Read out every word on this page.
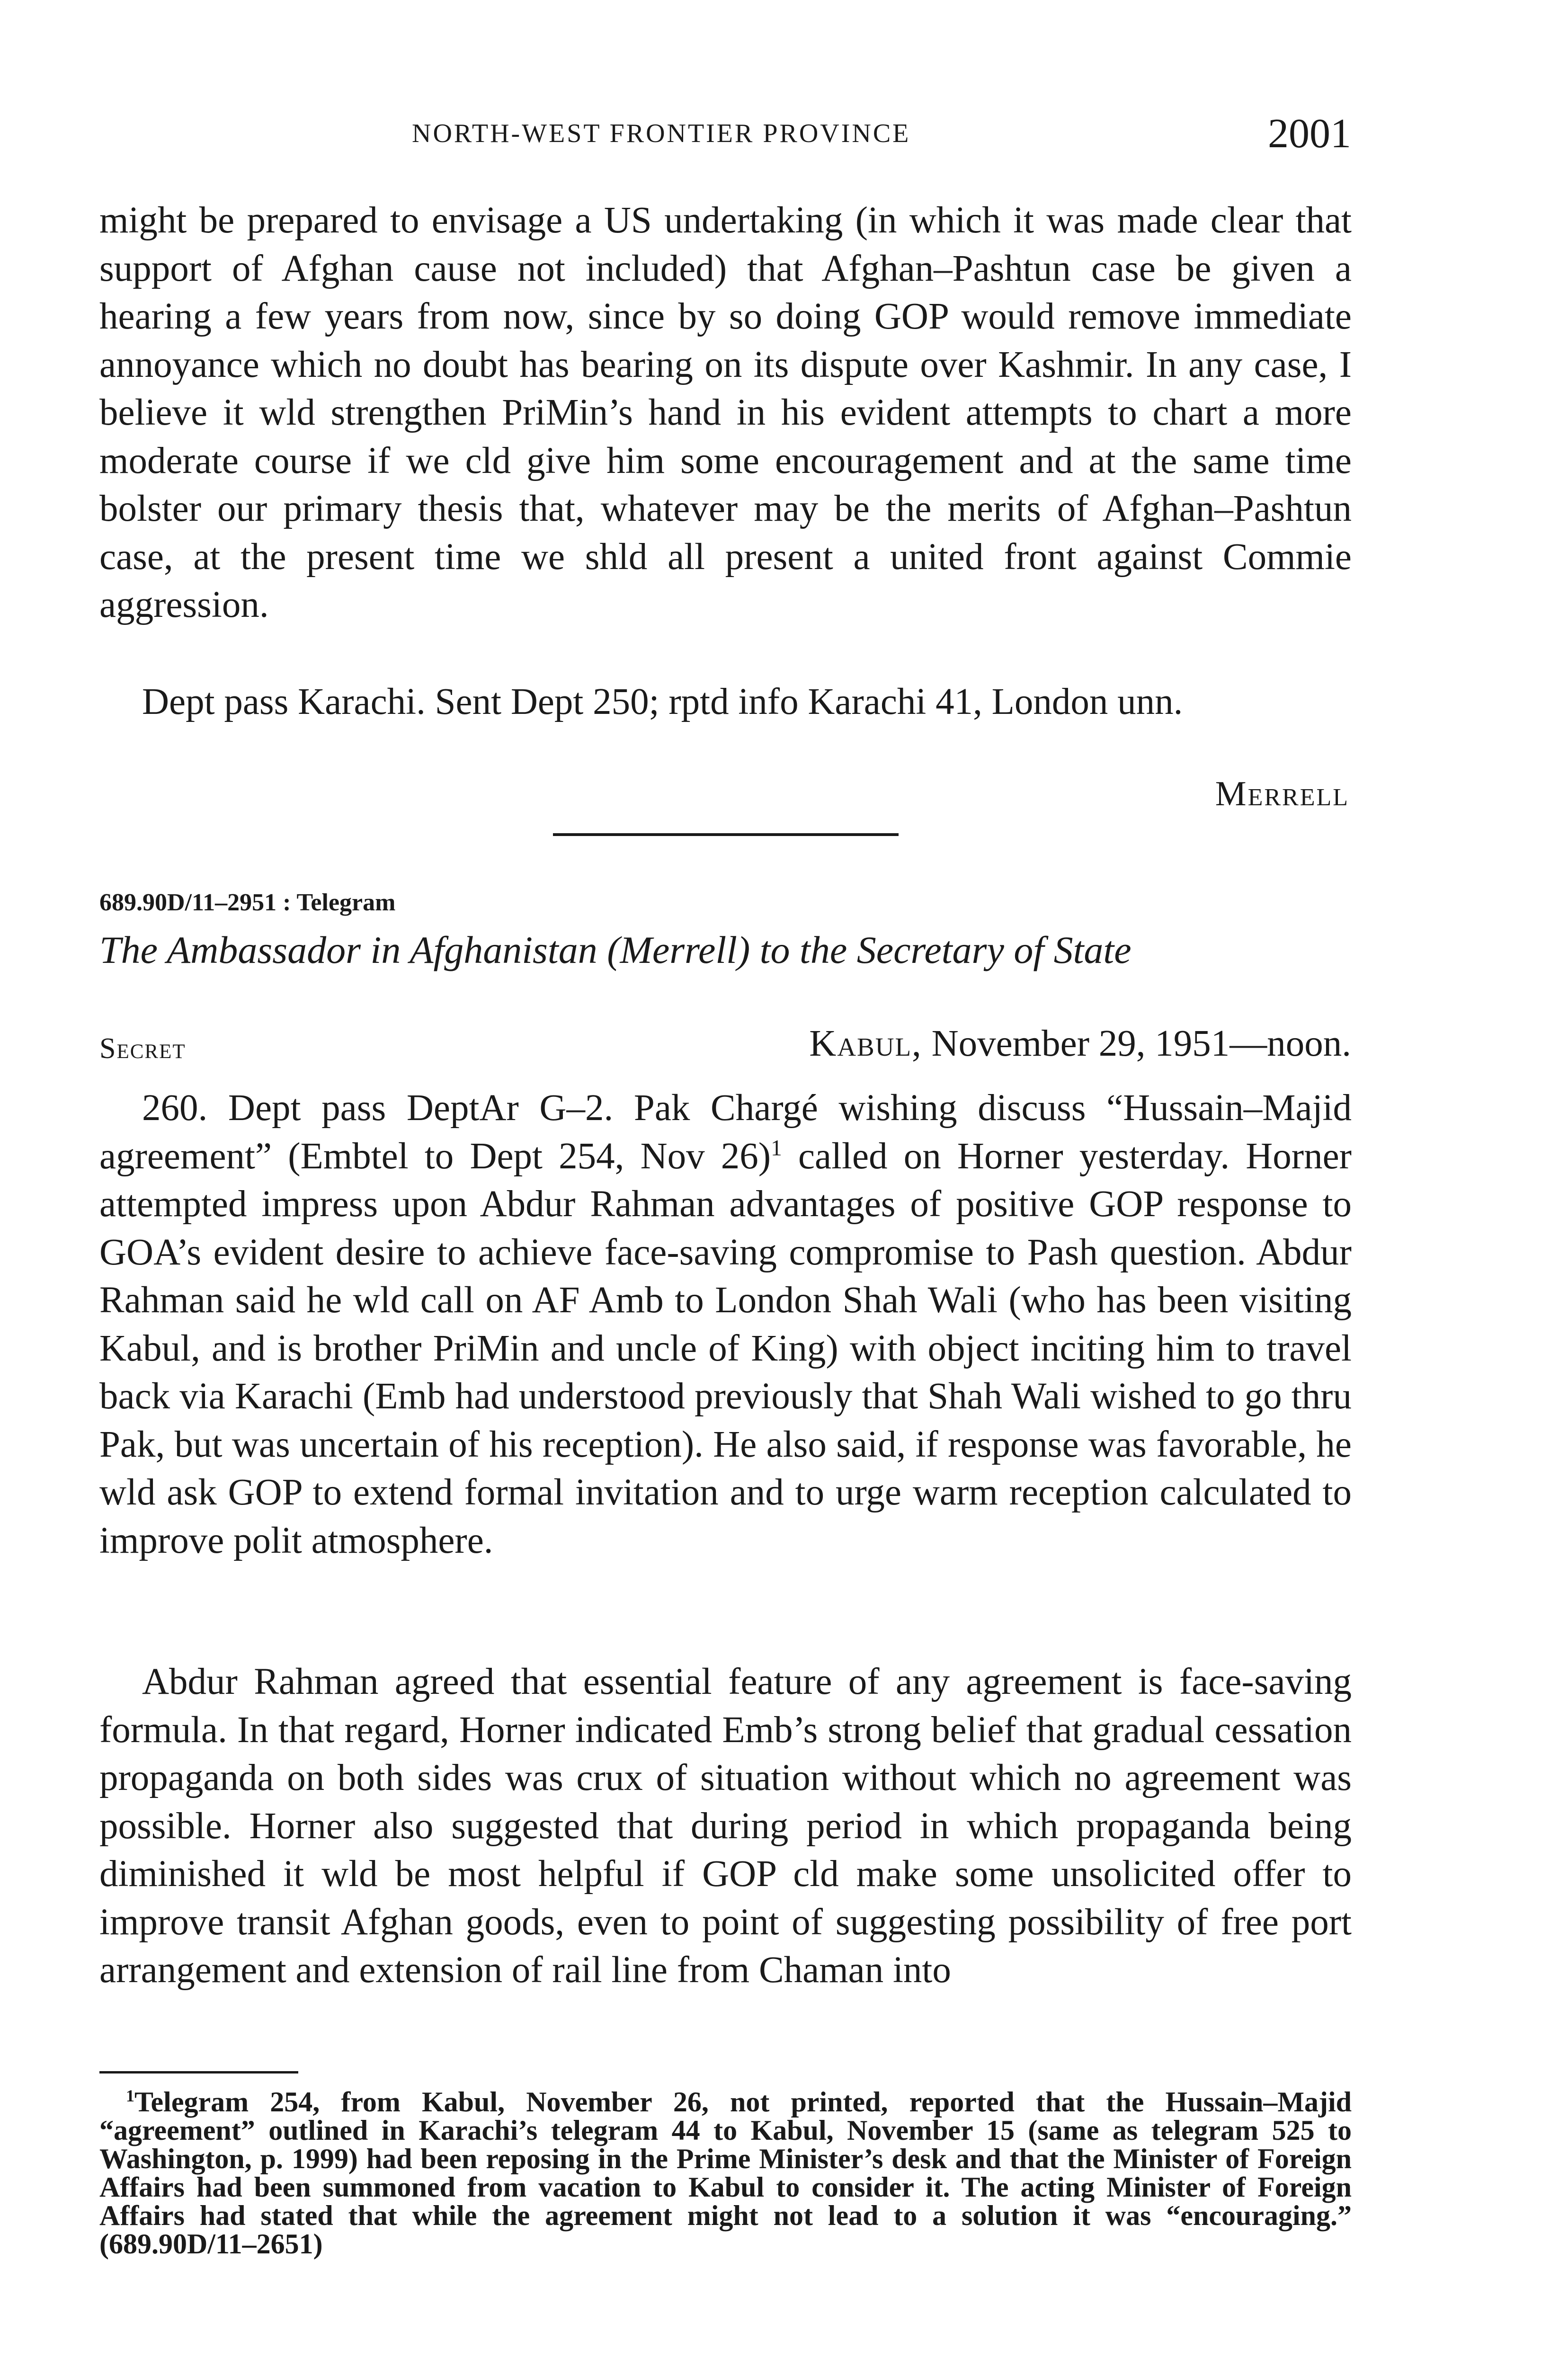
NORTH-WEST FRONTIER PROVINCE	2001

might be prepared to envisage a US undertaking (in which it was made clear that support of Afghan cause not included) that Afghan–Pashtun case be given a hearing a few years from now, since by so doing GOP would remove immediate annoyance which no doubt has bearing on its dispute over Kashmir. In any case, I believe it wld strengthen PriMin’s hand in his evident attempts to chart a more moderate course if we cld give him some encouragement and at the same time bolster our primary thesis that, whatever may be the merits of Afghan–Pashtun case, at the present time we shld all present a united front against Commie aggression.

Dept pass Karachi. Sent Dept 250; rptd info Karachi 41, London unn.

Merrell
689.90D/11–2951 : Telegram
The Ambassador in Afghanistan (Merrell) to the Secretary of State
Secret	Kabul, November 29, 1951—noon.

260. Dept pass DeptAr G–2. Pak Chargé wishing discuss “Hussain–Majid agreement” (Embtel to Dept 254, Nov 26)$^1$ called on Horner yesterday. Horner attempted impress upon Abdur Rahman advantages of positive GOP response to GOA’s evident desire to achieve face-saving compromise to Pash question. Abdur Rahman said he wld call on AF Amb to London Shah Wali (who has been visiting Kabul, and is brother PriMin and uncle of King) with object inciting him to travel back via Karachi (Emb had understood previously that Shah Wali wished to go thru Pak, but was uncertain of his reception). He also said, if response was favorable, he wld ask GOP to extend formal invitation and to urge warm reception calculated to improve polit atmosphere.

Abdur Rahman agreed that essential feature of any agreement is face-saving formula. In that regard, Horner indicated Emb’s strong belief that gradual cessation propaganda on both sides was crux of situation without which no agreement was possible. Horner also suggested that during period in which propaganda being diminished it wld be most helpful if GOP cld make some unsolicited offer to improve transit Afghan goods, even to point of suggesting possibility of free port arrangement and extension of rail line from Chaman into

$^1$Telegram 254, from Kabul, November 26, not printed, reported that the Hussain–Majid “agreement” outlined in Karachi’s telegram 44 to Kabul, November 15 (same as telegram 525 to Washington, p. 1999) had been reposing in the Prime Minister’s desk and that the Minister of Foreign Affairs had been summoned from vacation to Kabul to consider it. The acting Minister of Foreign Affairs had stated that while the agreement might not lead to a solution it was “encouraging.” (689.90D/11–2651)
